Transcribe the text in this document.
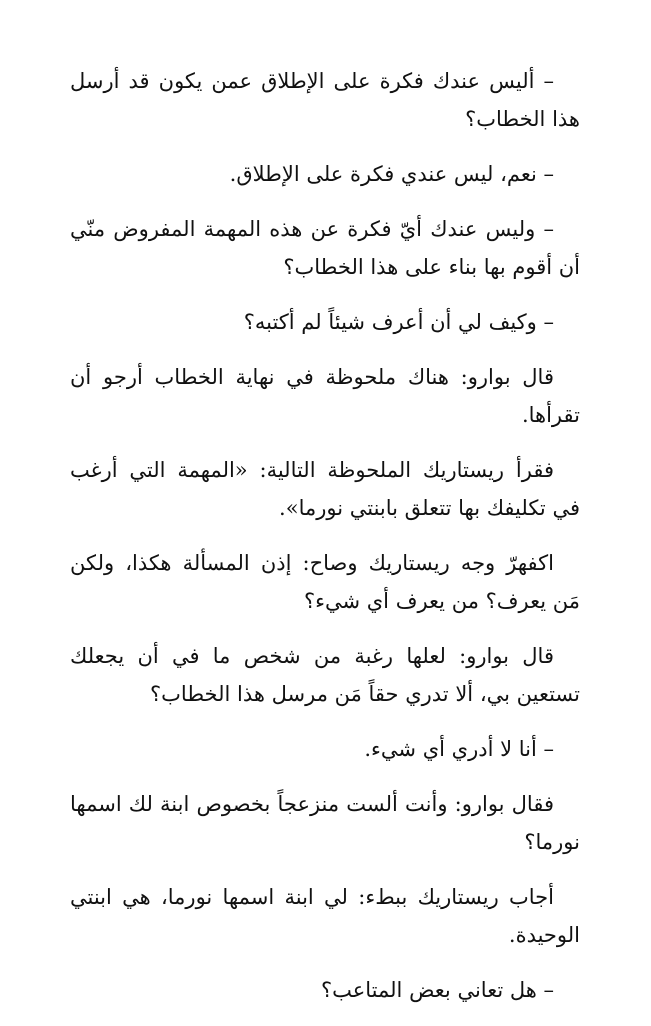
– أليس عندك فكرة على الإطلاق عمن يكون قد أرسل هذا الخطاب؟

– نعم، ليس عندي فكرة على الإطلاق.

– وليس عندك أيّ فكرة عن هذه المهمة المفروض منّي أن أقوم بها بناء على هذا الخطاب؟

– وكيف لي أن أعرف شيئاً لم أكتبه؟

قال بوارو: هناك ملحوظة في نهاية الخطاب أرجو أن تقرأها.

فقرأ ريستاريك الملحوظة التالية: «المهمة التي أرغب في تكليفك بها تتعلق بابنتي نورما».

اكفهرّ وجه ريستاريك وصاح: إذن المسألة هكذا، ولكن مَن يعرف؟ من يعرف أي شيء؟

قال بوارو: لعلها رغبة من شخص ما في أن يجعلك تستعين بي، ألا تدري حقاً مَن مرسل هذا الخطاب؟

– أنا لا أدري أي شيء.

فقال بوارو: وأنت ألست منزعجاً بخصوص ابنة لك اسمها نورما؟

أجاب ريستاريك ببطء: لي ابنة اسمها نورما، هي ابنتي الوحيدة.

– هل تعاني بعض المتاعب؟
